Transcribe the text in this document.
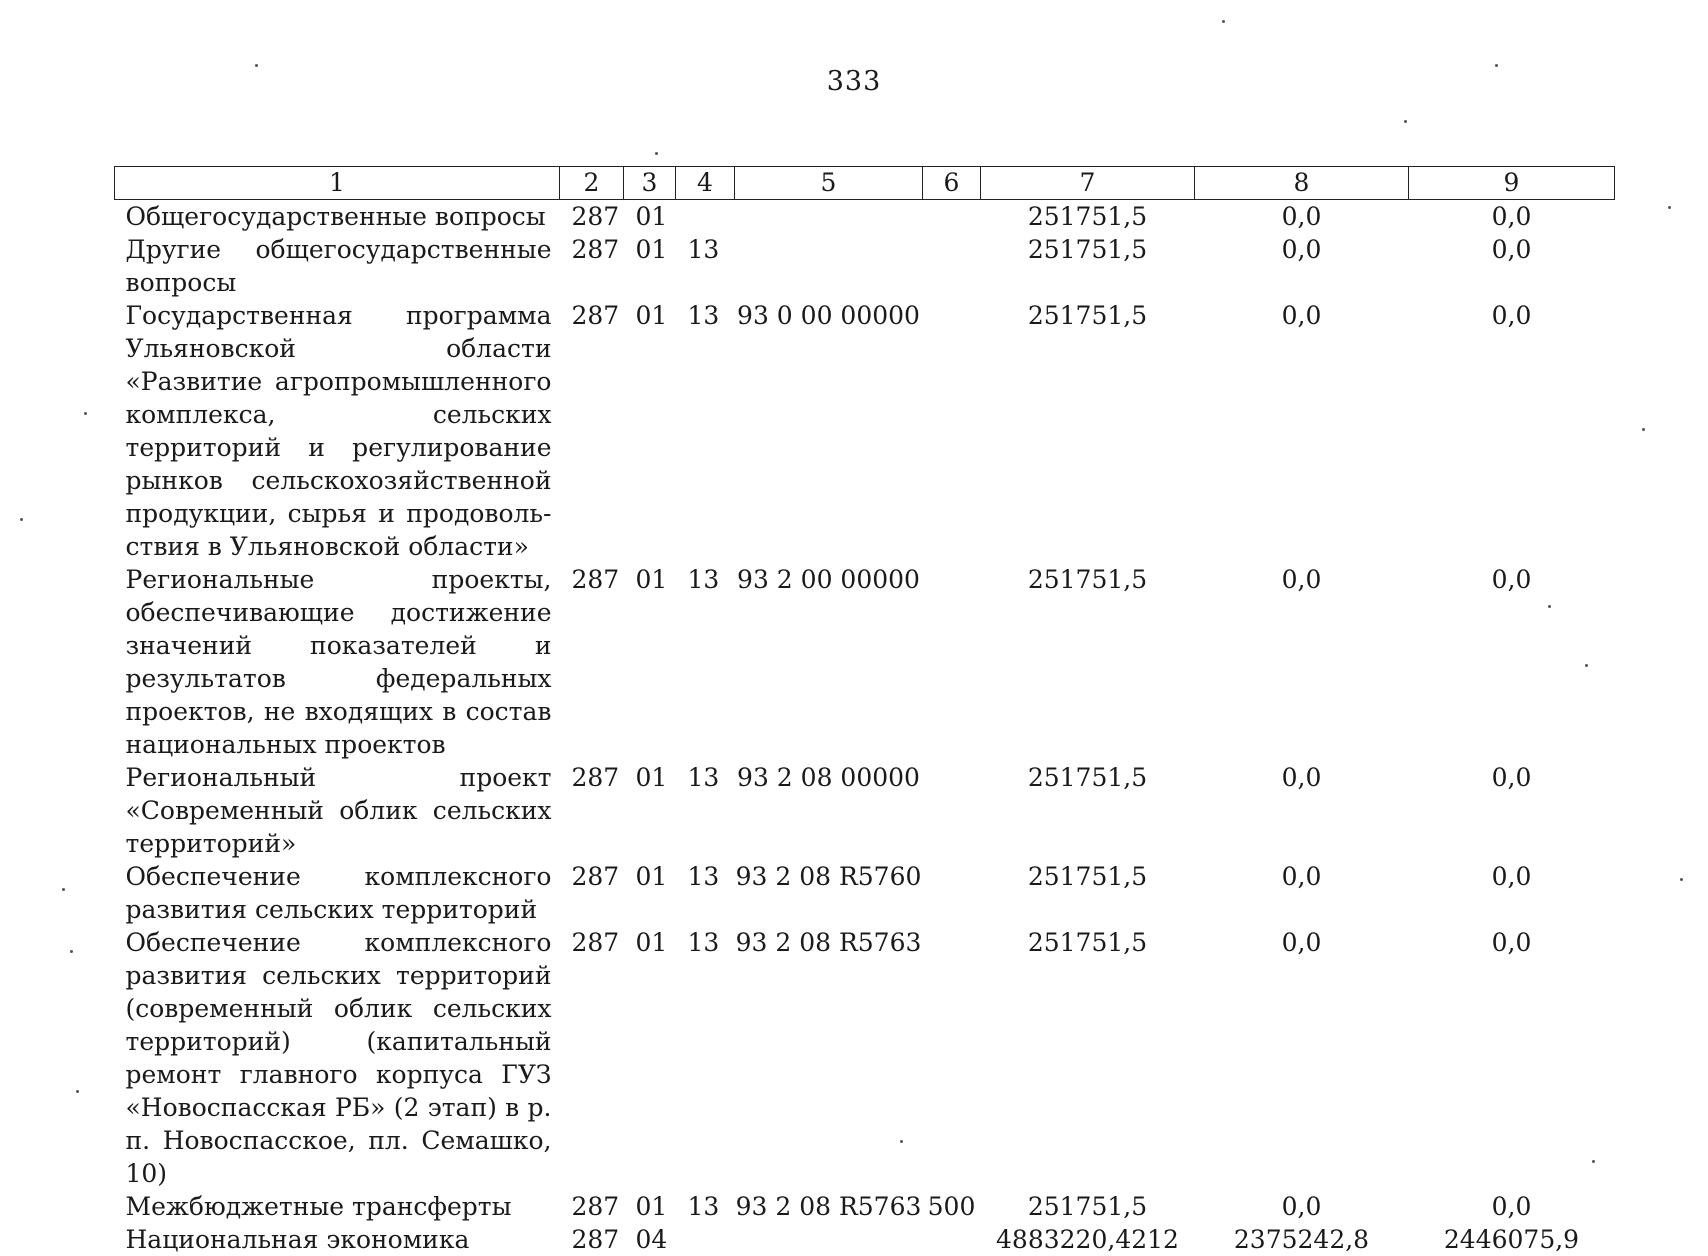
333
1	2	3	4	5	6	7	8	9
Общегосударственные вопросы	287	01				251751,5	0,0	0,0
Другие общегосударственные вопросы	287	01	13			251751,5	0,0	0,0
Государственная программа Ульяновской области «Развитие агропромышленного комплекса, сельских территорий и регулирование рынков сельскохозяйственной продукции, сырья и продовольствия в Ульяновской области»	287	01	13	93 0 00 00000		251751,5	0,0	0,0
Региональные проекты, обеспечивающие достижение значений показателей и результатов федеральных проектов, не входящих в состав национальных проектов	287	01	13	93 2 00 00000		251751,5	0,0	0,0
Региональный проект «Современный облик сельских территорий»	287	01	13	93 2 08 00000		251751,5	0,0	0,0
Обеспечение комплексного развития сельских территорий	287	01	13	93 2 08 R5760		251751,5	0,0	0,0
Обеспечение комплексного развития сельских территорий (современный облик сельских территорий) (капитальный ремонт главного корпуса ГУЗ «Новоспасская РБ» (2 этап) в р. п. Новоспасское, пл. Семашко, 10)	287	01	13	93 2 08 R5763		251751,5	0,0	0,0
Межбюджетные трансферты	287	01	13	93 2 08 R5763	500	251751,5	0,0	0,0
Национальная экономика	287	04				4883220,4212	2375242,8	2446075,9
